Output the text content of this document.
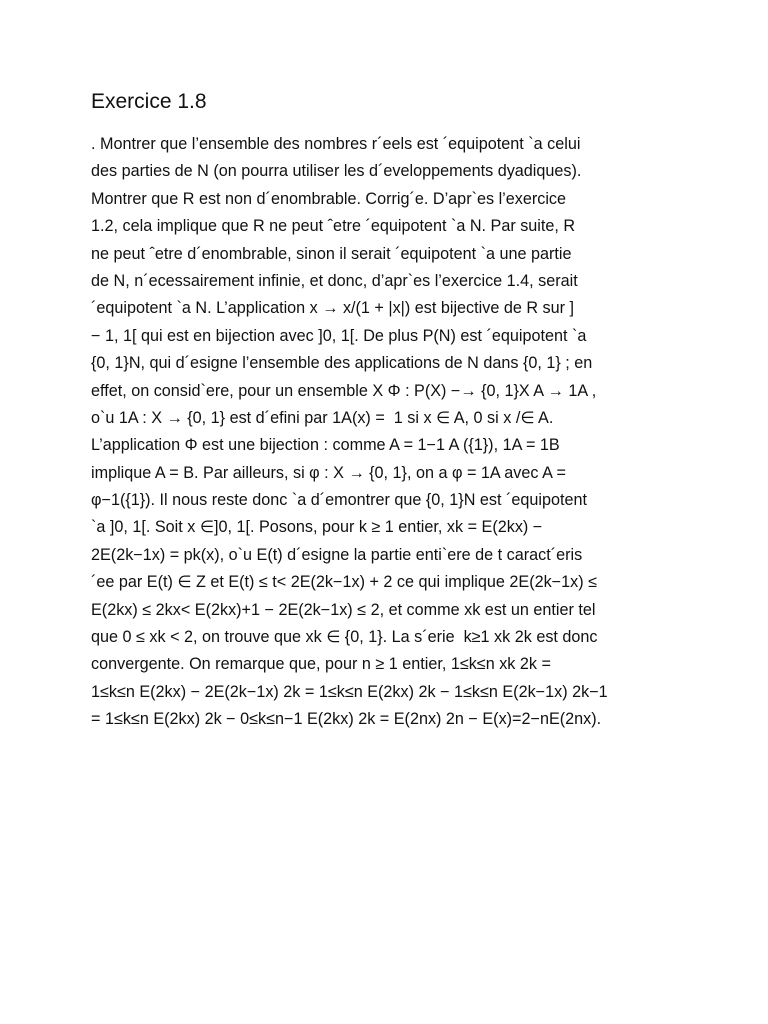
Exercice 1.8
. Montrer que l’ensemble des nombres r´eels est ´equipotent `a celui
des parties de N (on pourra utiliser les d´eveloppements dyadiques).
Montrer que R est non d´enombrable. Corrig´e. D’apr`es l’exercice
1.2, cela implique que R ne peut ˆetre ´equipotent `a N. Par suite, R
ne peut ˆetre d´enombrable, sinon il serait ´equipotent `a une partie
de N, n´ecessairement infinie, et donc, d’apr`es l’exercice 1.4, serait
´equipotent `a N. L’application x → x/(1 + |x|) est bijective de R sur ]
− 1, 1[ qui est en bijection avec ]0, 1[. De plus P(N) est ´equipotent `a
{0, 1}N, qui d´esigne l’ensemble des applications de N dans {0, 1} ; en
effet, on consid`ere, pour un ensemble X Φ : P(X) −→ {0, 1}X A → 1A ,
o`u 1A : X → {0, 1} est d´efini par 1A(x) =  1 si x ∈ A, 0 si x /∈ A.
L’application Φ est une bijection : comme A = 1−1 A ({1}), 1A = 1B
implique A = B. Par ailleurs, si φ : X → {0, 1}, on a φ = 1A avec A =
φ−1({1}). Il nous reste donc `a d´emontrer que {0, 1}N est ´equipotent
`a ]0, 1[. Soit x ∈]0, 1[. Posons, pour k ≥ 1 entier, xk = E(2kx) −
2E(2k−1x) = pk(x), o`u E(t) d´esigne la partie enti`ere de t caract´eris
´ee par E(t) ∈ Z et E(t) ≤ t< 2E(2k−1x) + 2 ce qui implique 2E(2k−1x) ≤
E(2kx) ≤ 2kx< E(2kx)+1 − 2E(2k−1x) ≤ 2, et comme xk est un entier tel
que 0 ≤ xk < 2, on trouve que xk ∈ {0, 1}. La s´erie  k≥1 xk 2k est donc
convergente. On remarque que, pour n ≥ 1 entier, 1≤k≤n xk 2k =
1≤k≤n E(2kx) − 2E(2k−1x) 2k = 1≤k≤n E(2kx) 2k − 1≤k≤n E(2k−1x) 2k−1
= 1≤k≤n E(2kx) 2k − 0≤k≤n−1 E(2kx) 2k = E(2nx) 2n − E(x)=2−nE(2nx).
